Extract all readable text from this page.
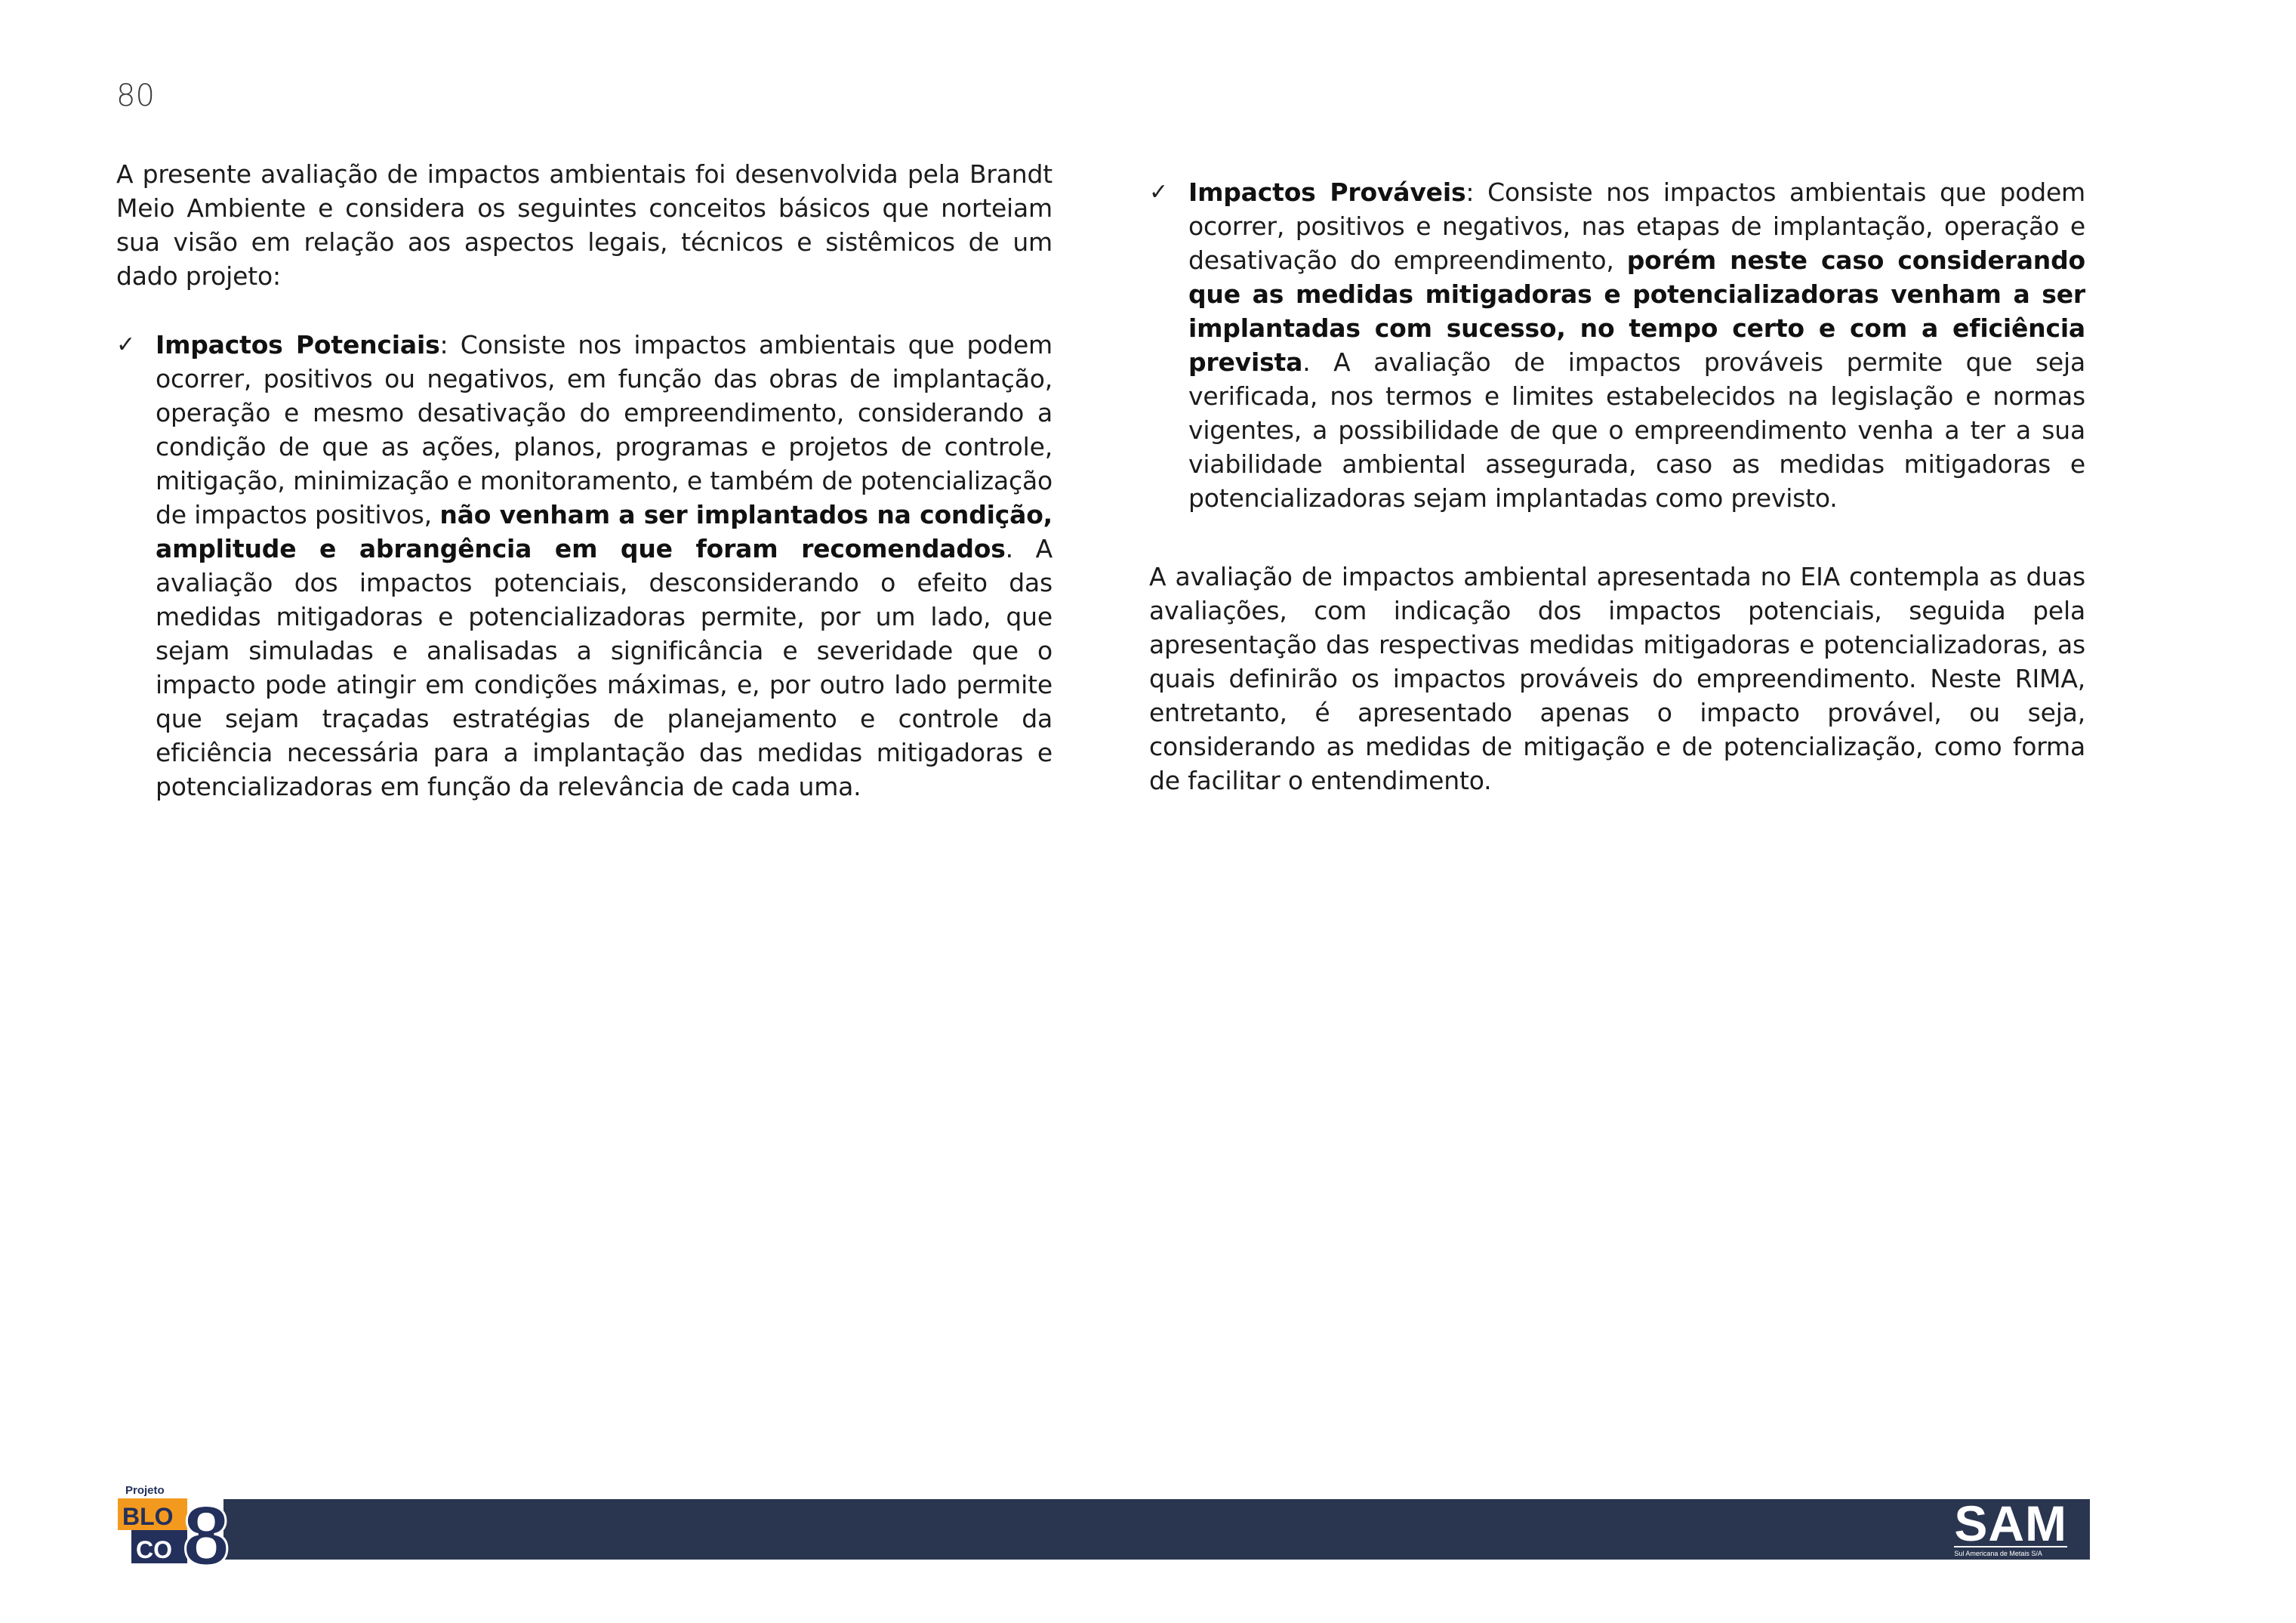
80

A presente avaliação de impactos ambientais foi desenvolvida pela Brandt Meio Ambiente e considera os seguintes conceitos básicos que norteiam sua visão em relação aos aspectos legais, técnicos e sistêmicos de um dado projeto:

✓ Impactos Potenciais: Consiste nos impactos ambientais que podem ocorrer, positivos ou negativos, em função das obras de implantação, operação e mesmo desativação do empreendimento, considerando a condição de que as ações, planos, programas e projetos de controle, mitigação, minimização e monitoramento, e também de potencialização de impactos positivos, não venham a ser implantados na condição, amplitude e abrangência em que foram recomendados. A avaliação dos impactos potenciais, desconsiderando o efeito das medidas mitigadoras e potencializadoras permite, por um lado, que sejam simuladas e analisadas a significância e severidade que o impacto pode atingir em condições máximas, e, por outro lado permite que sejam traçadas estratégias de planejamento e controle da eficiência necessária para a implantação das medidas mitigadoras e potencializadoras em função da relevância de cada uma.

✓ Impactos Prováveis: Consiste nos impactos ambientais que podem ocorrer, positivos e negativos, nas etapas de implantação, operação e desativação do empreendimento, porém neste caso considerando que as medidas mitigadoras e potencializadoras venham a ser implantadas com sucesso, no tempo certo e com a eficiência prevista. A avaliação de impactos prováveis permite que seja verificada, nos termos e limites estabelecidos na legislação e normas vigentes, a possibilidade de que o empreendimento venha a ter a sua viabilidade ambiental assegurada, caso as medidas mitigadoras e potencializadoras sejam implantadas como previsto.

A avaliação de impactos ambiental apresentada no EIA contempla as duas avaliações, com indicação dos impactos potenciais, seguida pela apresentação das respectivas medidas mitigadoras e potencializadoras, as quais definirão os impactos prováveis do empreendimento. Neste RIMA, entretanto, é apresentado apenas o impacto provável, ou seja, considerando as medidas de mitigação e de potencialização, como forma de facilitar o entendimento.

SAM
Sul Americana de Metais S/A
Projeto
BLO
CO 8
